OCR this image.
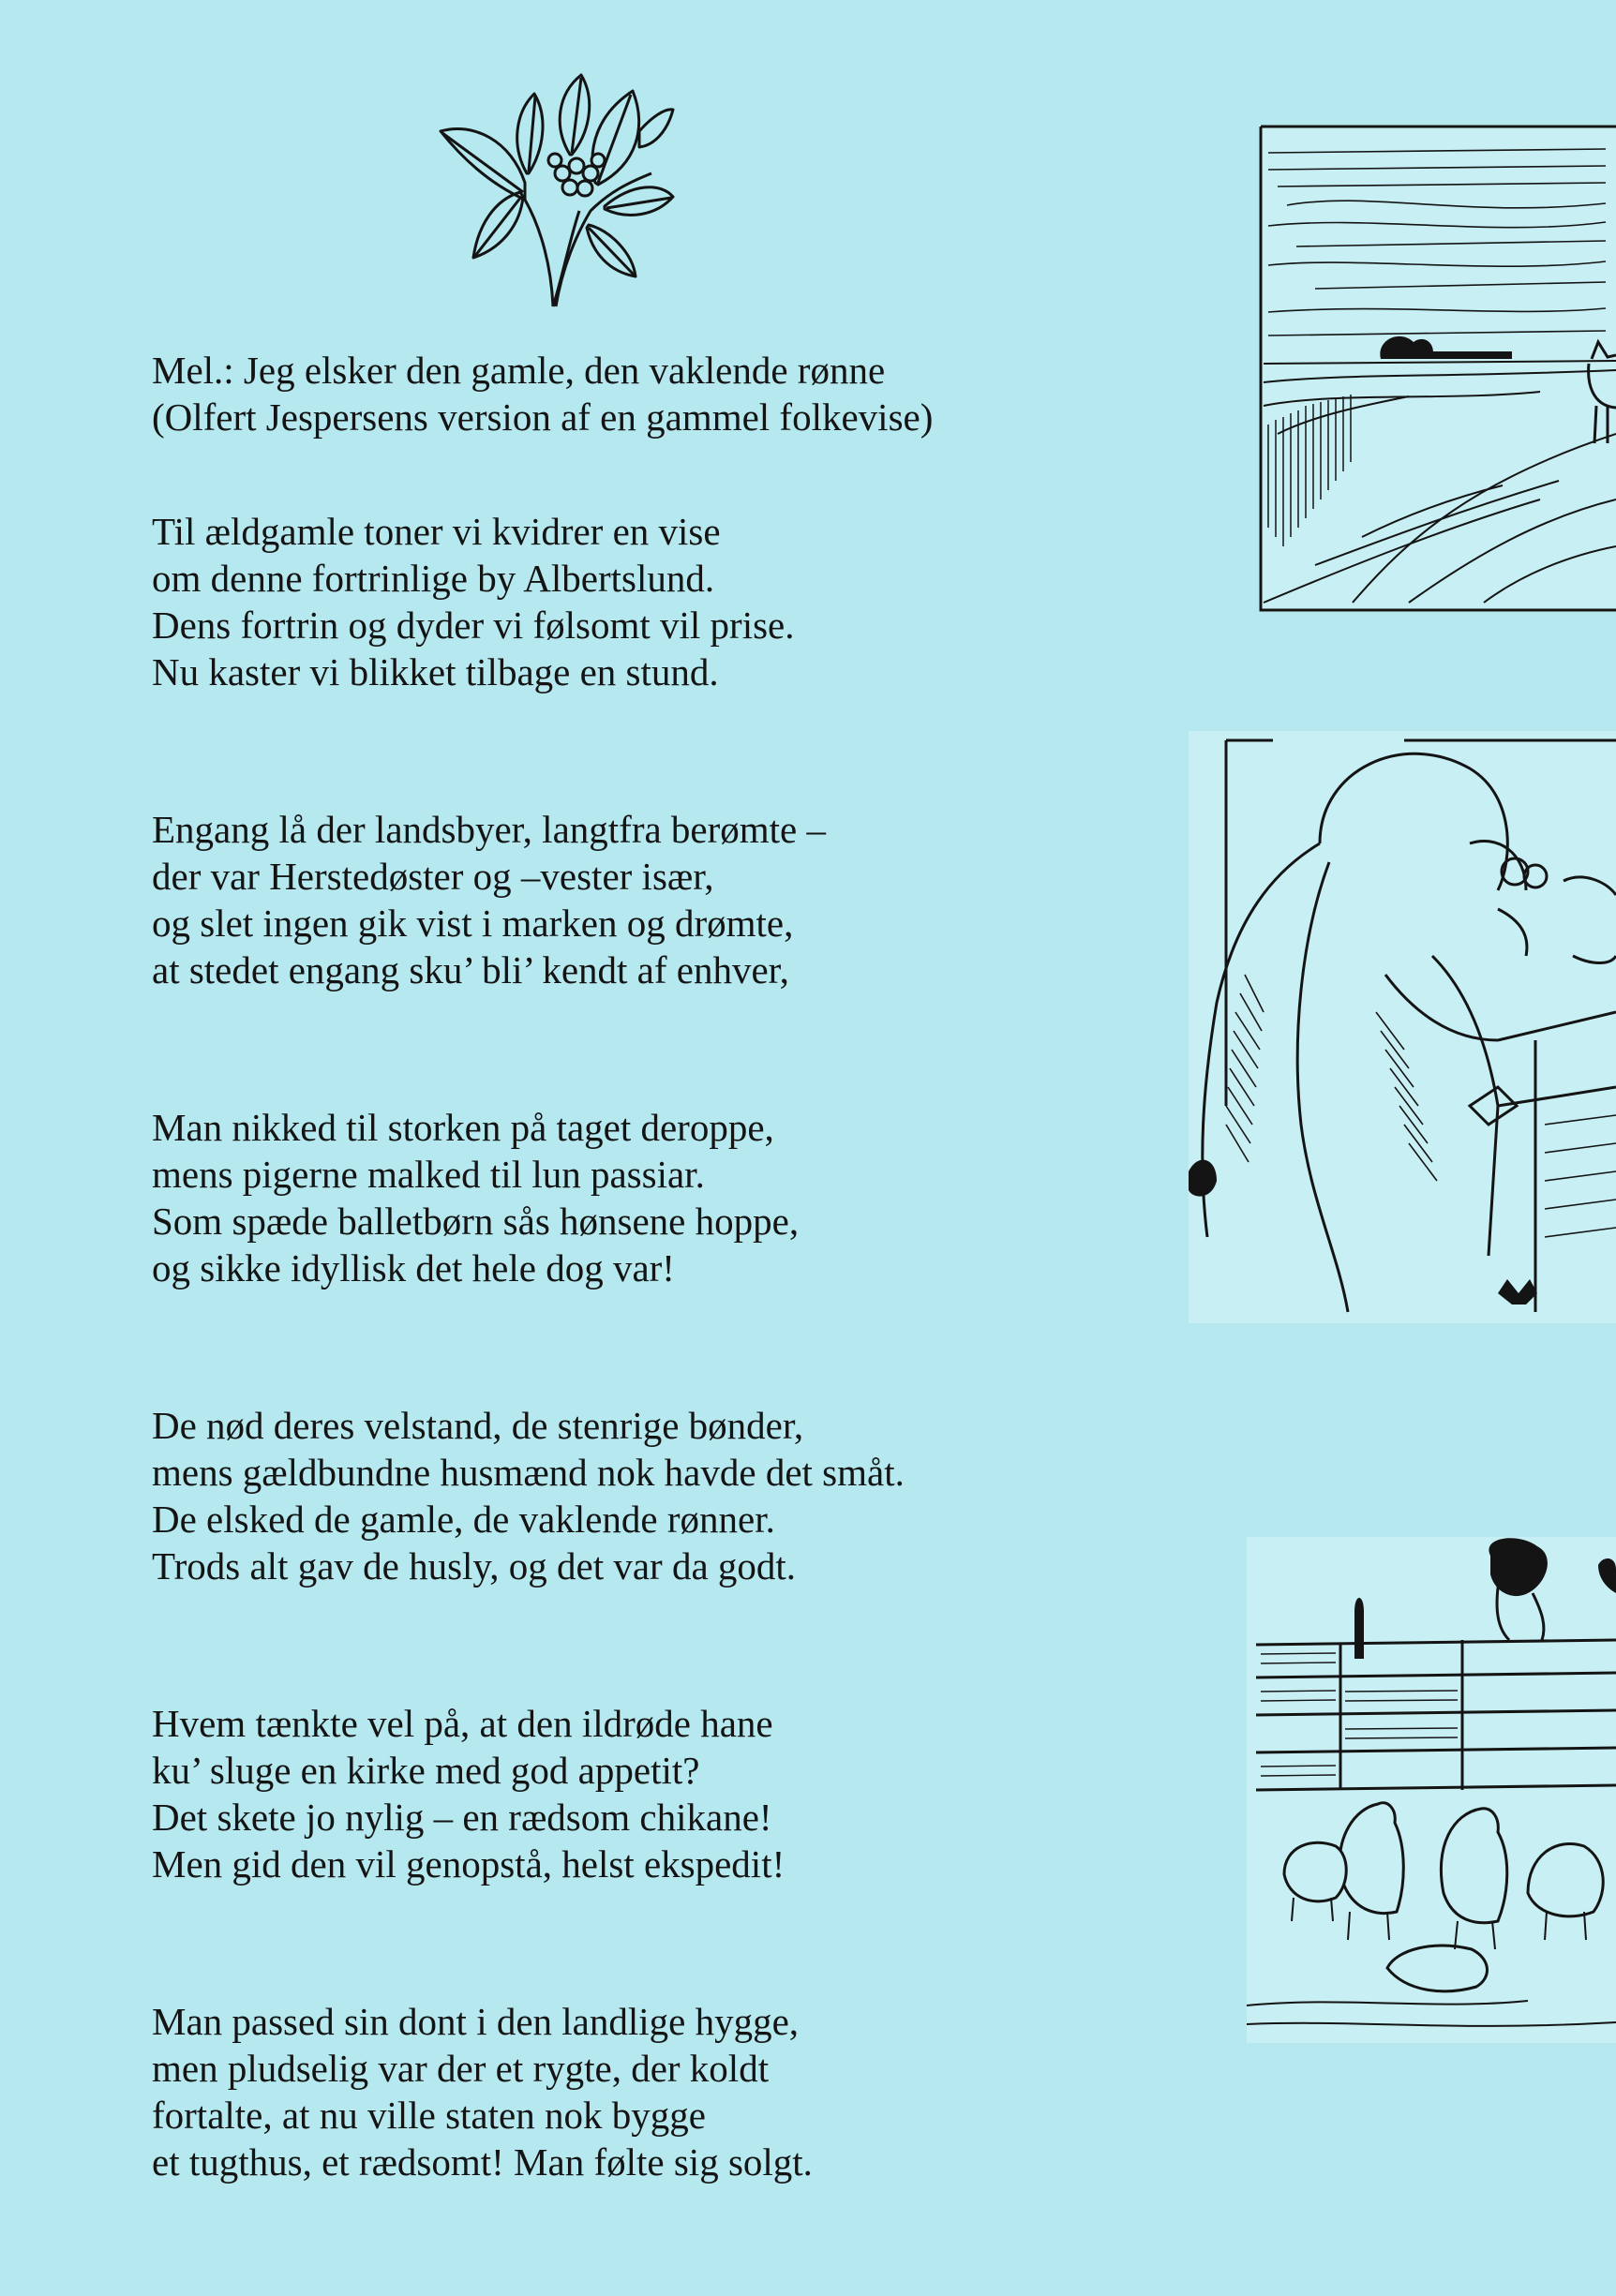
Mel.: Jeg elsker den gamle, den vaklende rønne
(Olfert Jespersens version af en gammel folkevise)
Til ældgamle toner vi kvidrer en vise
om denne fortrinlige by Albertslund.
Dens fortrin og dyder vi følsomt vil prise.
Nu kaster vi blikket tilbage en stund.
Engang lå der landsbyer, langtfra berømte –
der var Herstedøster og –vester især,
og slet ingen gik vist i marken og drømte,
at stedet engang sku’ bli’ kendt af enhver,
Man nikked til storken på taget deroppe,
mens pigerne malked til lun passiar.
Som spæde balletbørn sås hønsene hoppe,
og sikke idyllisk det hele dog var!
De nød deres velstand, de stenrige bønder,
mens gældbundne husmænd nok havde det småt.
De elsked de gamle, de vaklende rønner.
Trods alt gav de husly, og det var da godt.
Hvem tænkte vel på, at den ildrøde hane
ku’ sluge en kirke med god appetit?
Det skete jo nylig – en rædsom chikane!
Men gid den vil genopstå, helst ekspedit!
Man passed sin dont i den landlige hygge,
men pludselig var der et rygte, der koldt
fortalte, at nu ville staten nok bygge
et tugthus, et rædsomt! Man følte sig solgt.
